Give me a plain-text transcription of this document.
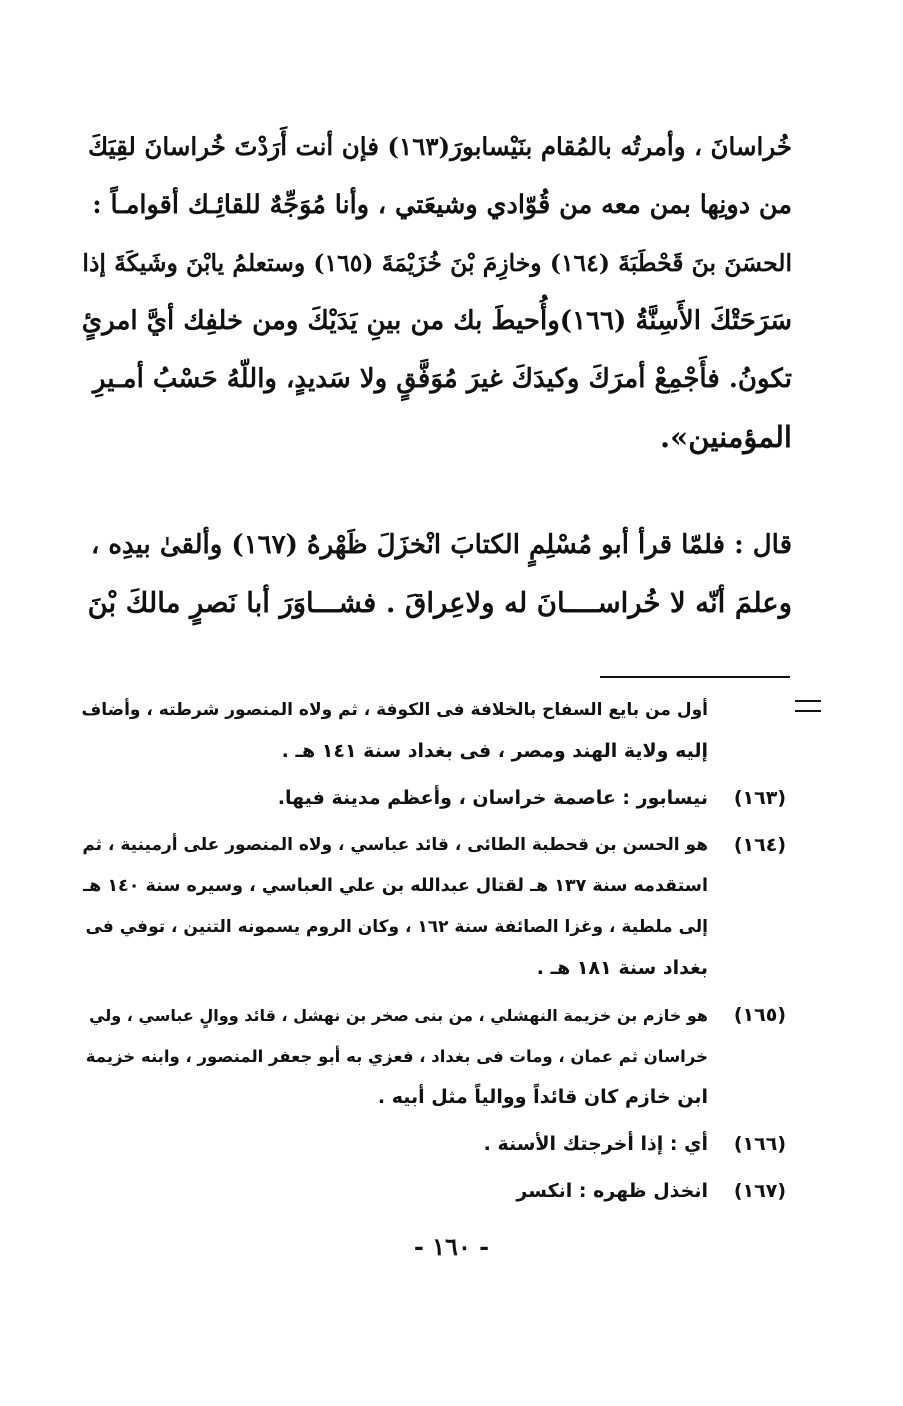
خُراسانَ ، وأمرتُه بالمُقام بنَيْسابورَ(١٦٣) فإن أنت أَرَدْتَ خُراسانَ لقِيَكَ
من دونِها بمن معه من قُوّادي وشيعَتي ، وأنا مُوَجِّهٌ للقائِـك أقوامـاً :
الحسَنَ بنَ قَحْطَبَةَ (١٦٤) وخازِمَ بْنَ خُزَيْمَةَ (١٦٥) وستعلمُ يابْنَ وشَيكَةَ إذا
سَرَحَتْكَ الأَسِنَّةُ (١٦٦)وأُحيطَ بك من بينِ يَدَيْكَ ومن خلفِك أيَّ امرئٍ
تكونُ. فأَجْمِعْ أمرَكَ وكيدَكَ غيرَ مُوَفَّقٍ ولا سَديدٍ، واللّهُ حَسْبُ أمـيرِ
المؤمنين».
قال : فلمّا قرأ أبو مُسْلِمٍ الكتابَ انْخزَلَ ظَهْرهُ (١٦٧) وألقىٰ بيدِه ،
وعلمَ أنّه لا خُراســــانَ له ولاعِراقَ . فشـــاوَرَ أبا نَصرٍ مالكَ بْنَ
أول من بايع السفاح بالخلافة فى الكوفة ، ثم ولاه المنصور شرطته ، وأضاف
إليه ولاية الهند ومصر ، فى بغداد سنة ١٤١ هـ .
(١٦٣)
نيسابور : عاصمة خراسان ، وأعظم مدينة فيها.
(١٦٤)
هو الحسن بن قحطبة الطائى ، قائد عباسي ، ولاه المنصور على أرمينية ، ثم
استقدمه سنة ١٣٧ هـ لقتال عبدالله بن علي العباسي ، وسيره سنة ١٤٠ هـ
إلى ملطية ، وغزا الصائفة سنة ١٦٢ ، وكان الروم يسمونه التنين ، توفي فى
بغداد سنة ١٨١ هـ .
(١٦٥)
هو خازم بن خزيمة النهشلي ، من بنى صخر بن نهشل ، قائد ووالٍ عباسي ، ولي
خراسان ثم عمان ، ومات فى بغداد ، فعزي به أبو جعفر المنصور ، وابنه خزيمة
ابن خازم كان قائداً ووالياً مثل أبيه .
(١٦٦)
أي : إذا أخرجتك الأسنة .
(١٦٧)
انخذل ظهره : انكسر
- ١٦٠ -
